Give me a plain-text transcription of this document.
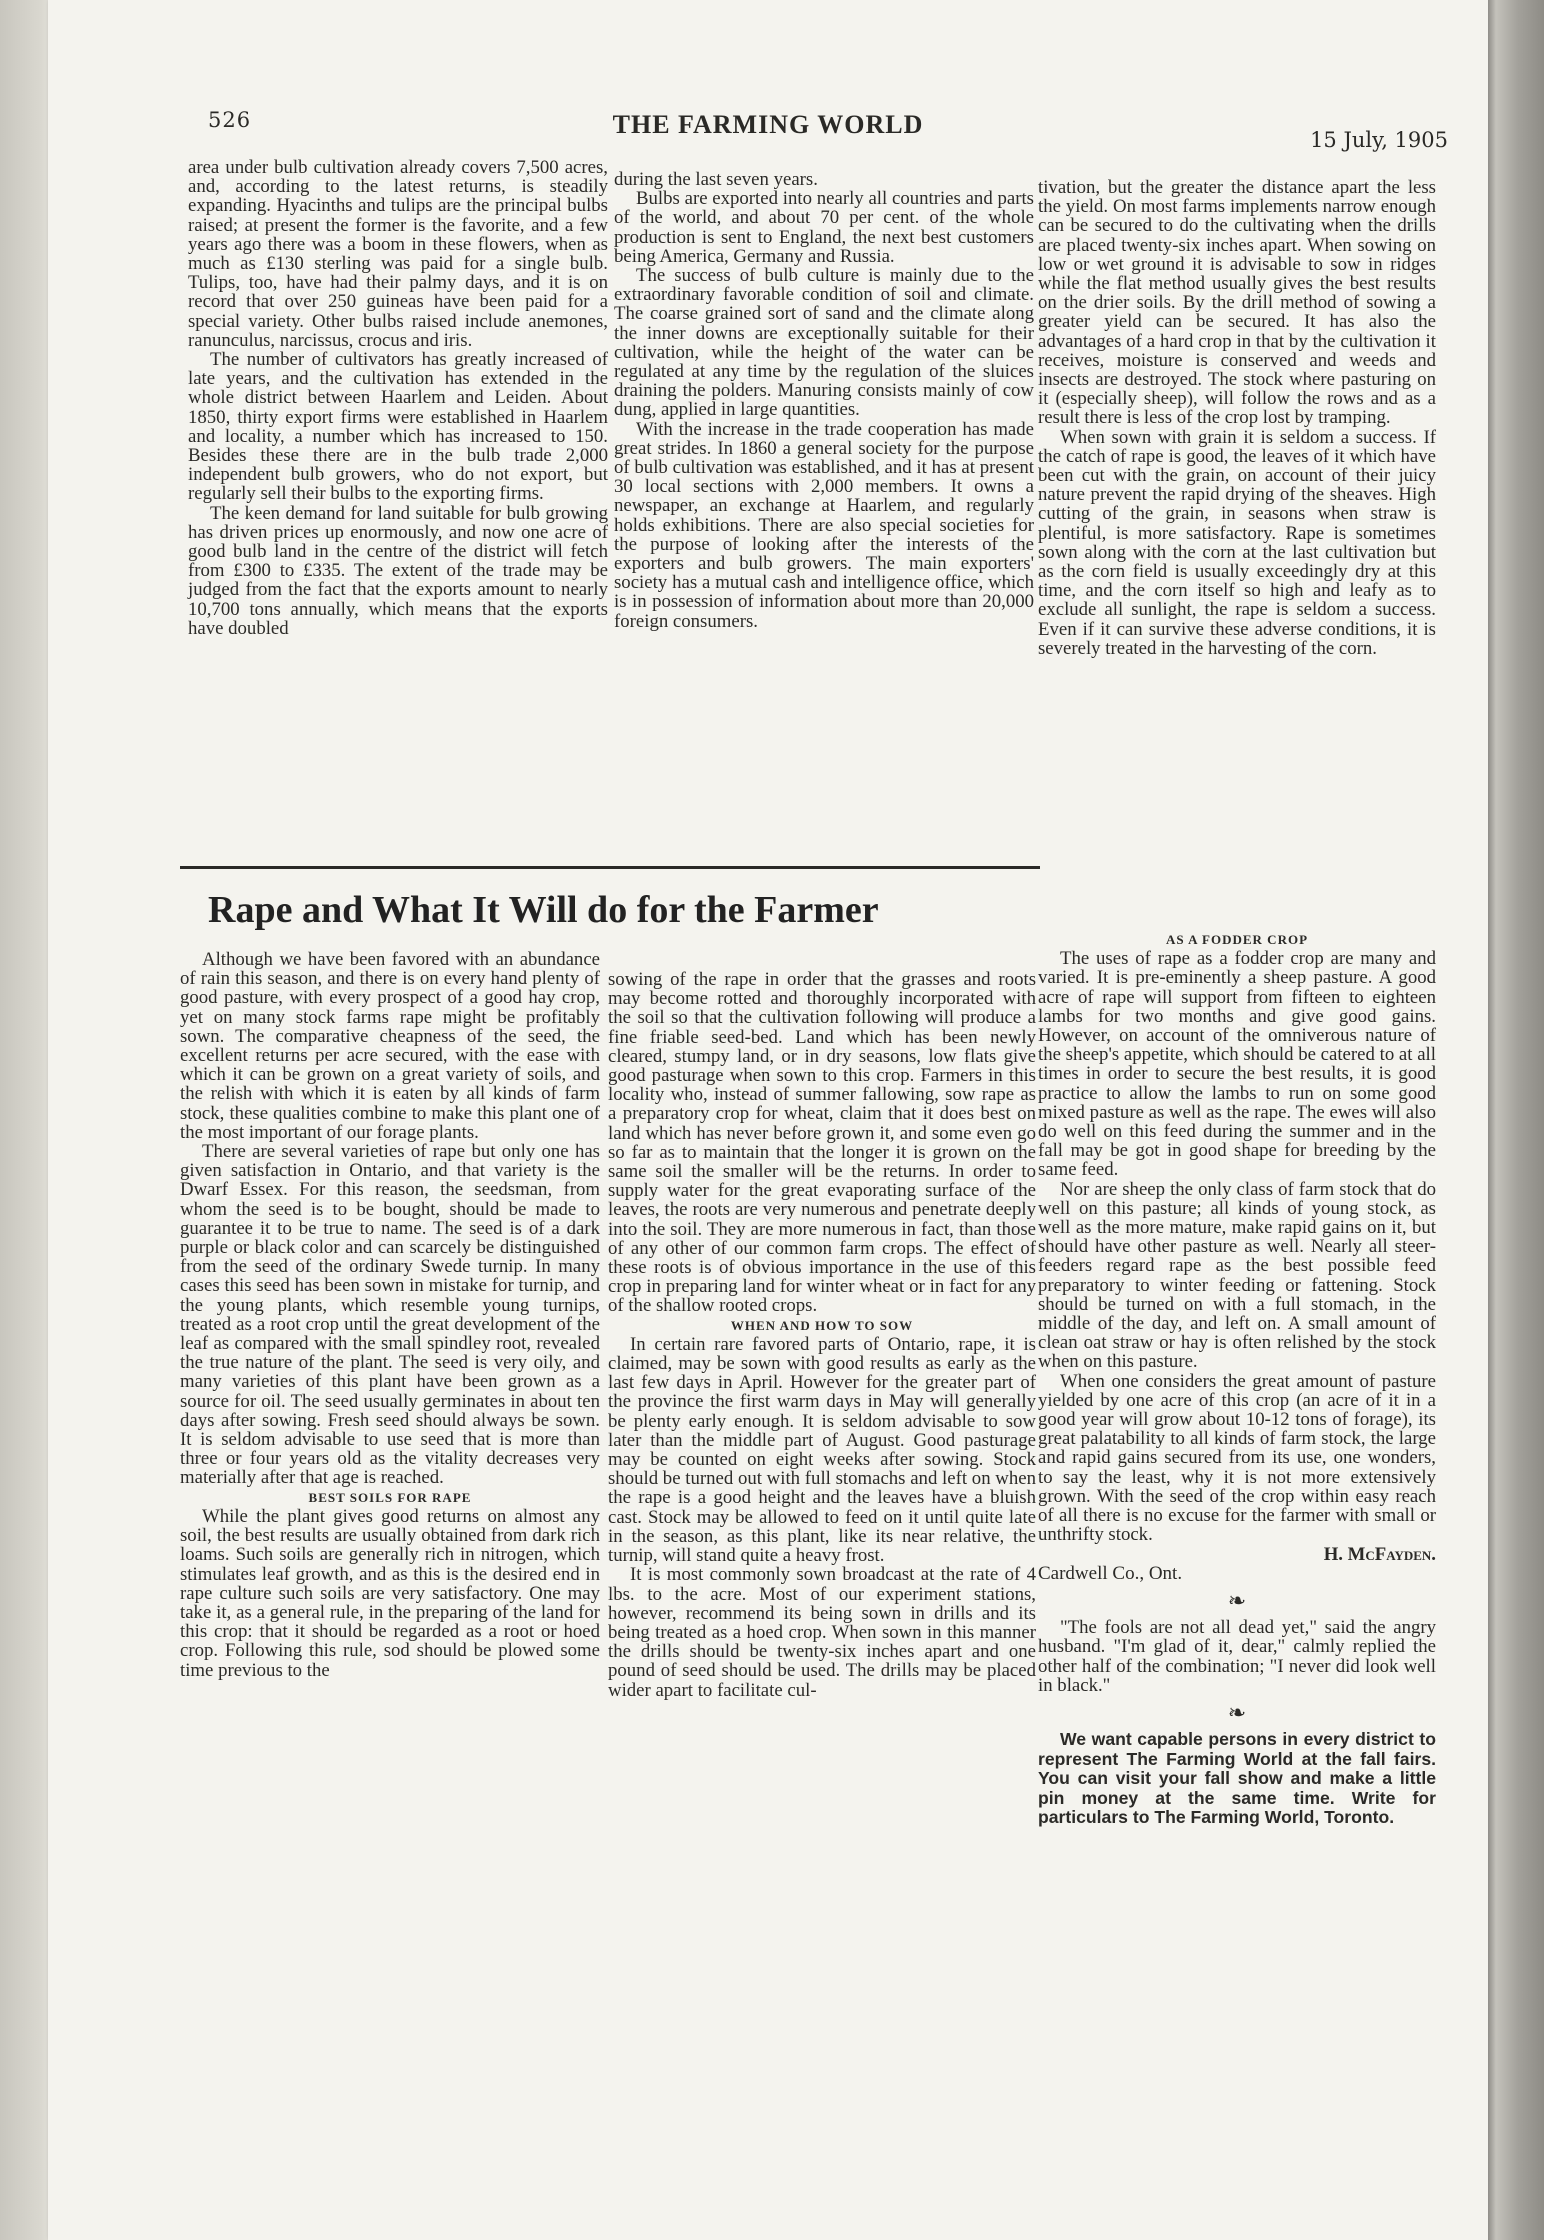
526	THE FARMING WORLD
15 July, 1905

area under bulb cultivation already covers 7,500 acres, and, according to the latest returns, is steadily expanding. Hyacinths and tulips are the principal bulbs raised; at present the former is the favorite, and a few years ago there was a boom in these flowers, when as much as £130 sterling was paid for a single bulb. Tulips, too, have had their palmy days, and it is on record that over 250 guineas have been paid for a special variety. Other bulbs raised include anemones, ranunculus, narcissus, crocus and iris.

The number of cultivators has greatly increased of late years, and the cultivation has extended in the whole district between Haarlem and Leiden. About 1850, thirty export firms were established in Haarlem and locality, a number which has increased to 150. Besides these there are in the bulb trade 2,000 independent bulb growers, who do not export, but regularly sell their bulbs to the exporting firms.

The keen demand for land suitable for bulb growing has driven prices up enormously, and now one acre of good bulb land in the centre of the district will fetch from £300 to £335. The extent of the trade may be judged from the fact that the exports amount to nearly 10,700 tons annually, which means that the exports have doubled

during the last seven years.

Bulbs are exported into nearly all countries and parts of the world, and about 70 per cent. of the whole production is sent to England, the next best customers being America, Germany and Russia.

The success of bulb culture is mainly due to the extraordinary favorable condition of soil and climate. The coarse grained sort of sand and the climate along the inner downs are exceptionally suitable for their cultivation, while the height of the water can be regulated at any time by the regulation of the sluices draining the polders. Manuring consists mainly of cow dung, applied in large quantities.

With the increase in the trade cooperation has made great strides. In 1860 a general society for the purpose of bulb cultivation was established, and it has at present 30 local sections with 2,000 members. It owns a newspaper, an exchange at Haarlem, and regularly holds exhibitions. There are also special societies for the purpose of looking after the interests of the exporters and bulb growers. The main exporters' society has a mutual cash and intelligence office, which is in possession of information about more than 20,000 foreign consumers.

tivation, but the greater the distance apart the less the yield. On most farms implements narrow enough can be secured to do the cultivating when the drills are placed twenty-six inches apart. When sowing on low or wet ground it is advisable to sow in ridges while the flat method usually gives the best results on the drier soils. By the drill method of sowing a greater yield can be secured. It has also the advantages of a hard crop in that by the cultivation it receives, moisture is conserved and weeds and insects are destroyed. The stock where pasturing on it (especially sheep), will follow the rows and as a result there is less of the crop lost by tramping.

When sown with grain it is seldom a success. If the catch of rape is good, the leaves of it which have been cut with the grain, on account of their juicy nature prevent the rapid drying of the sheaves. High cutting of the grain, in seasons when straw is plentiful, is more satisfactory. Rape is sometimes sown along with the corn at the last cultivation but as the corn field is usually exceedingly dry at this time, and the corn itself so high and leafy as to exclude all sunlight, the rape is seldom a success. Even if it can survive these adverse conditions, it is severely treated in the harvesting of the corn.

Rape and What It Will do for the Farmer

Although we have been favored with an abundance of rain this season, and there is on every hand plenty of good pasture, with every prospect of a good hay crop, yet on many stock farms rape might be profitably sown. The comparative cheapness of the seed, the excellent returns per acre secured, with the ease with which it can be grown on a great variety of soils, and the relish with which it is eaten by all kinds of farm stock, these qualities combine to make this plant one of the most important of our forage plants.

There are several varieties of rape but only one has given satisfaction in Ontario, and that variety is the Dwarf Essex. For this reason, the seedsman, from whom the seed is to be bought, should be made to guarantee it to be true to name. The seed is of a dark purple or black color and can scarcely be distinguished from the seed of the ordinary Swede turnip. In many cases this seed has been sown in mistake for turnip, and the young plants, which resemble young turnips, treated as a root crop until the great development of the leaf as compared with the small spindley root, revealed the true nature of the plant. The seed is very oily, and many varieties of this plant have been grown as a source for oil. The seed usually germinates in about ten days after sowing. Fresh seed should always be sown. It is seldom advisable to use seed that is more than three or four years old as the vitality decreases very materially after that age is reached.

BEST SOILS FOR RAPE

While the plant gives good returns on almost any soil, the best results are usually obtained from dark rich loams. Such soils are generally rich in nitrogen, which stimulates leaf growth, and as this is the desired end in rape culture such soils are very satisfactory. One may take it, as a general rule, in the preparing of the land for this crop: that it should be regarded as a root or hoed crop. Following this rule, sod should be plowed some time previous to the

sowing of the rape in order that the grasses and roots may become rotted and thoroughly incorporated with the soil so that the cultivation following will produce a fine friable seed-bed. Land which has been newly cleared, stumpy land, or in dry seasons, low flats give good pasturage when sown to this crop. Farmers in this locality who, instead of summer fallowing, sow rape as a preparatory crop for wheat, claim that it does best on land which has never before grown it, and some even go so far as to maintain that the longer it is grown on the same soil the smaller will be the returns. In order to supply water for the great evaporating surface of the leaves, the roots are very numerous and penetrate deeply into the soil. They are more numerous in fact, than those of any other of our common farm crops. The effect of these roots is of obvious importance in the use of this crop in preparing land for winter wheat or in fact for any of the shallow rooted crops.

WHEN AND HOW TO SOW

In certain rare favored parts of Ontario, rape, it is claimed, may be sown with good results as early as the last few days in April. However for the greater part of the province the first warm days in May will generally be plenty early enough. It is seldom advisable to sow later than the middle part of August. Good pasturage may be counted on eight weeks after sowing. Stock should be turned out with full stomachs and left on when the rape is a good height and the leaves have a bluish cast. Stock may be allowed to feed on it until quite late in the season, as this plant, like its near relative, the turnip, will stand quite a heavy frost.

It is most commonly sown broadcast at the rate of 4 lbs. to the acre. Most of our experiment stations, however, recommend its being sown in drills and its being treated as a hoed crop. When sown in this manner the drills should be twenty-six inches apart and one pound of seed should be used. The drills may be placed wider apart to facilitate cul-

AS A FODDER CROP

The uses of rape as a fodder crop are many and varied. It is pre-eminently a sheep pasture. A good acre of rape will support from fifteen to eighteen lambs for two months and give good gains. However, on account of the omniverous nature of the sheep's appetite, which should be catered to at all times in order to secure the best results, it is good practice to allow the lambs to run on some good mixed pasture as well as the rape. The ewes will also do well on this feed during the summer and in the fall may be got in good shape for breeding by the same feed.

Nor are sheep the only class of farm stock that do well on this pasture; all kinds of young stock, as well as the more mature, make rapid gains on it, but should have other pasture as well. Nearly all steer-feeders regard rape as the best possible feed preparatory to winter feeding or fattening. Stock should be turned on with a full stomach, in the middle of the day, and left on. A small amount of clean oat straw or hay is often relished by the stock when on this pasture.

When one considers the great amount of pasture yielded by one acre of this crop (an acre of it in a good year will grow about 10-12 tons of forage), its great palatability to all kinds of farm stock, the large and rapid gains secured from its use, one wonders, to say the least, why it is not more extensively grown. With the seed of the crop within easy reach of all there is no excuse for the farmer with small or unthrifty stock.

H. McFayden.

Cardwell Co., Ont.

❧

"The fools are not all dead yet," said the angry husband. "I'm glad of it, dear," calmly replied the other half of the combination; "I never did look well in black."

❧

We want capable persons in every district to represent The Farming World at the fall fairs. You can visit your fall show and make a little pin money at the same time. Write for particulars to The Farming World, Toronto.
